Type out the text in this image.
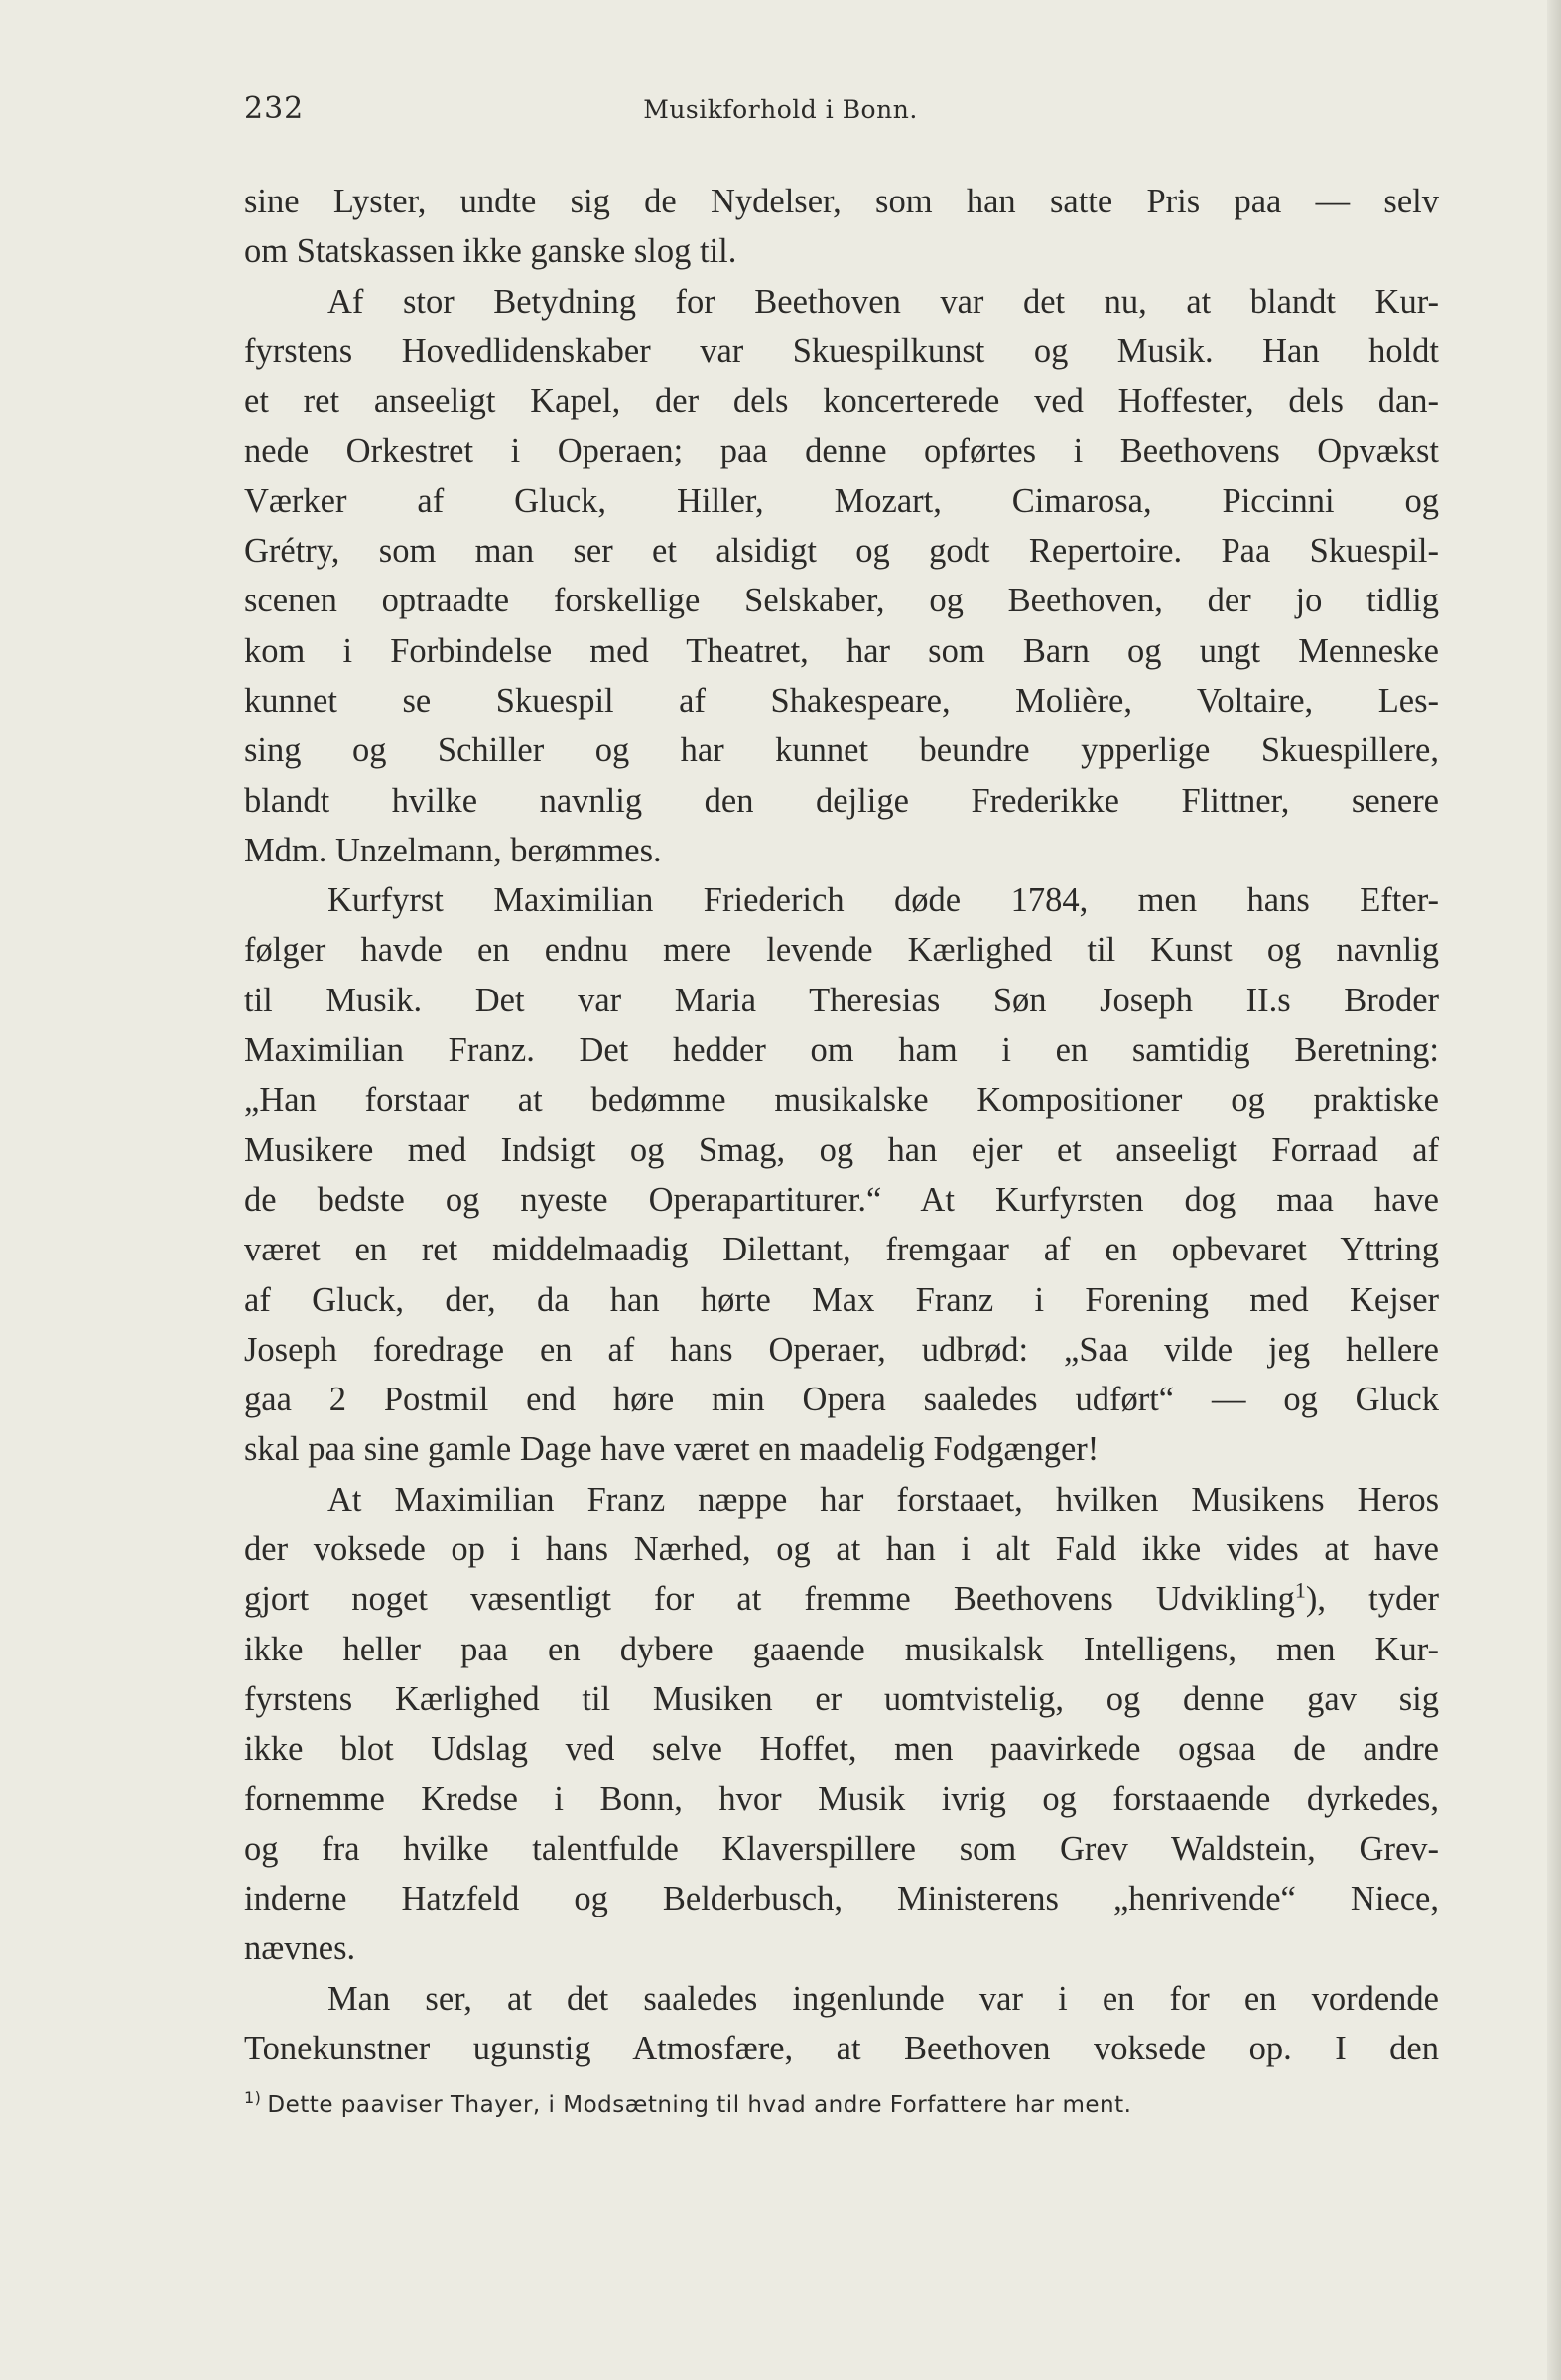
232	Musikforhold i Bonn.
sine Lyster, undte sig de Nydelser, som han satte Pris paa — selv
om Statskassen ikke ganske slog til.
Af stor Betydning for Beethoven var det nu, at blandt Kur-
fyrstens Hovedlidenskaber var Skuespilkunst og Musik. Han holdt
et ret anseeligt Kapel, der dels koncerterede ved Hoffester, dels dan-
nede Orkestret i Operaen; paa denne opførtes i Beethovens Opvækst
Værker af Gluck, Hiller, Mozart, Cimarosa, Piccinni og
Grétry, som man ser et alsidigt og godt Repertoire. Paa Skuespil-
scenen optraadte forskellige Selskaber, og Beethoven, der jo tidlig
kom i Forbindelse med Theatret, har som Barn og ungt Menneske
kunnet se Skuespil af Shakespeare, Molière, Voltaire, Les-
sing og Schiller og har kunnet beundre ypperlige Skuespillere,
blandt hvilke navnlig den dejlige Frederikke Flittner, senere
Mdm. Unzelmann, berømmes.
Kurfyrst Maximilian Friederich døde 1784, men hans Efter-
følger havde en endnu mere levende Kærlighed til Kunst og navnlig
til Musik. Det var Maria Theresias Søn Joseph II.s Broder
Maximilian Franz. Det hedder om ham i en samtidig Beretning:
„Han forstaar at bedømme musikalske Kompositioner og praktiske
Musikere med Indsigt og Smag, og han ejer et anseeligt Forraad af
de bedste og nyeste Operapartiturer.“ At Kurfyrsten dog maa have
været en ret middelmaadig Dilettant, fremgaar af en opbevaret Yttring
af Gluck, der, da han hørte Max Franz i Forening med Kejser
Joseph foredrage en af hans Operaer, udbrød: „Saa vilde jeg hellere
gaa 2 Postmil end høre min Opera saaledes udført“ — og Gluck
skal paa sine gamle Dage have været en maadelig Fodgænger!
At Maximilian Franz næppe har forstaaet, hvilken Musikens Heros
der voksede op i hans Nærhed, og at han i alt Fald ikke vides at have
gjort noget væsentligt for at fremme Beethovens Udvikling$^1$), tyder
ikke heller paa en dybere gaaende musikalsk Intelligens, men Kur-
fyrstens Kærlighed til Musiken er uomtvistelig, og denne gav sig
ikke blot Udslag ved selve Hoffet, men paavirkede ogsaa de andre
fornemme Kredse i Bonn, hvor Musik ivrig og forstaaende dyrkedes,
og fra hvilke talentfulde Klaverspillere som Grev Waldstein, Grev-
inderne Hatzfeld og Belderbusch, Ministerens „henrivende“ Niece,
nævnes.
Man ser, at det saaledes ingenlunde var i en for en vordende
Tonekunstner ugunstig Atmosfære, at Beethoven voksede op. I den
$^{1)}$ Dette paaviser Thayer, i Modsætning til hvad andre Forfattere har ment.
